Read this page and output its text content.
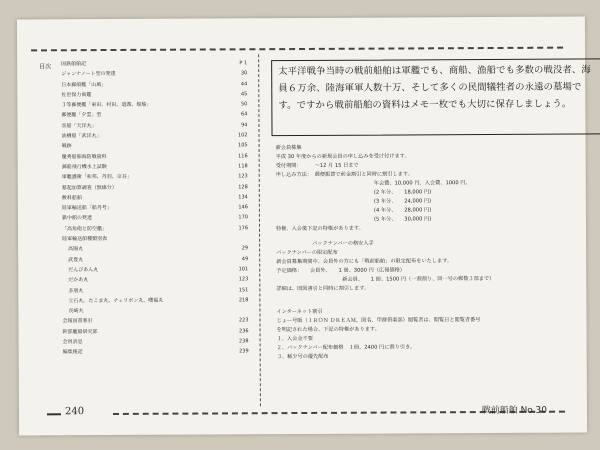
目次 国鉄船舶記	P 1
ジャンナノート型の発達	30
日本郵船艦「山風」	44
佐世保力商鑑	45
３等郵便艦「東田、村田、道義、船舶」	50
郵便艦「夕雲」型	64
客船「天洋丸」	94
油槽船「武洋丸」	102
戦跡	105
優秀船舶海防戦資料	116
郵船飛行機水上試験	118
軍艦護衛「和邦、丹羽、京谷」	123
墓起加算調査（無線分）	128
敷料船舶	134
陸軍輸送船「船丹号」	146
獄中館の発達	170
「高角砲と防空艦」	176
陸軍輸送船種類別表
高陽丸	29
武豊丸	49
だんぴあん丸	101
だかあ丸	123
多朋丸	151
立石丸、たこま丸、チェリボン丸、曙福丸	218
長崎丸
会報国書案引	223
幹部艦船研究部	236
会員消息	238
編集後記	239
太平洋戦争当時の戦前船舶は軍艦でも、商船、漁船でも多数の戦没者、海員６万余、陸海軍軍人数十万、そして多くの民間犠牲者の永遠の墓場です。ですから戦前船舶の資料はメモ一枚でも大切に保存しましょう。
新会員募集
平成 30 年度からの新規会員の申し込みを受け付けます。
受付期間：　　　〜12 月 15 日まで
申し込み方法：　郵便振替で前金割引と同時に割引します。
年会費、10,000 円、入会費、1000 円、
(2 年分、　　18,000 円)
(3 年分、　　24,000 円)
(4 年分、　　28,000 円)
(5 年分、　　30,000 円)
特権、入会後下記の特権があります。
バックナンバーの格安入手
バックナンバーの限定配布
新会員募集期間中、会員外の方にも「戦前船舶」の限定配布をいたします。
予定価格：　　会員外、　　1 冊、3000 円（広報価格）
新会員、　　1 冊、1500 円（一割割り、同一号の郵数３部まで）
詳細は、国図書引と同時に割引します。
インターネット割引
じょー号販（ＩＲＯＮ ＤＲＥＡＭ，図名、甲群倶楽部）閲覧者は、閲覧日と閲覧者番号
を明記された場合、下記の特権があります。
１、入会金不要
２、バックナンバー配布価格　１冊、2400 円に割り引き。
３、稀少号の優先配布
240	戦前船舶 No.30
